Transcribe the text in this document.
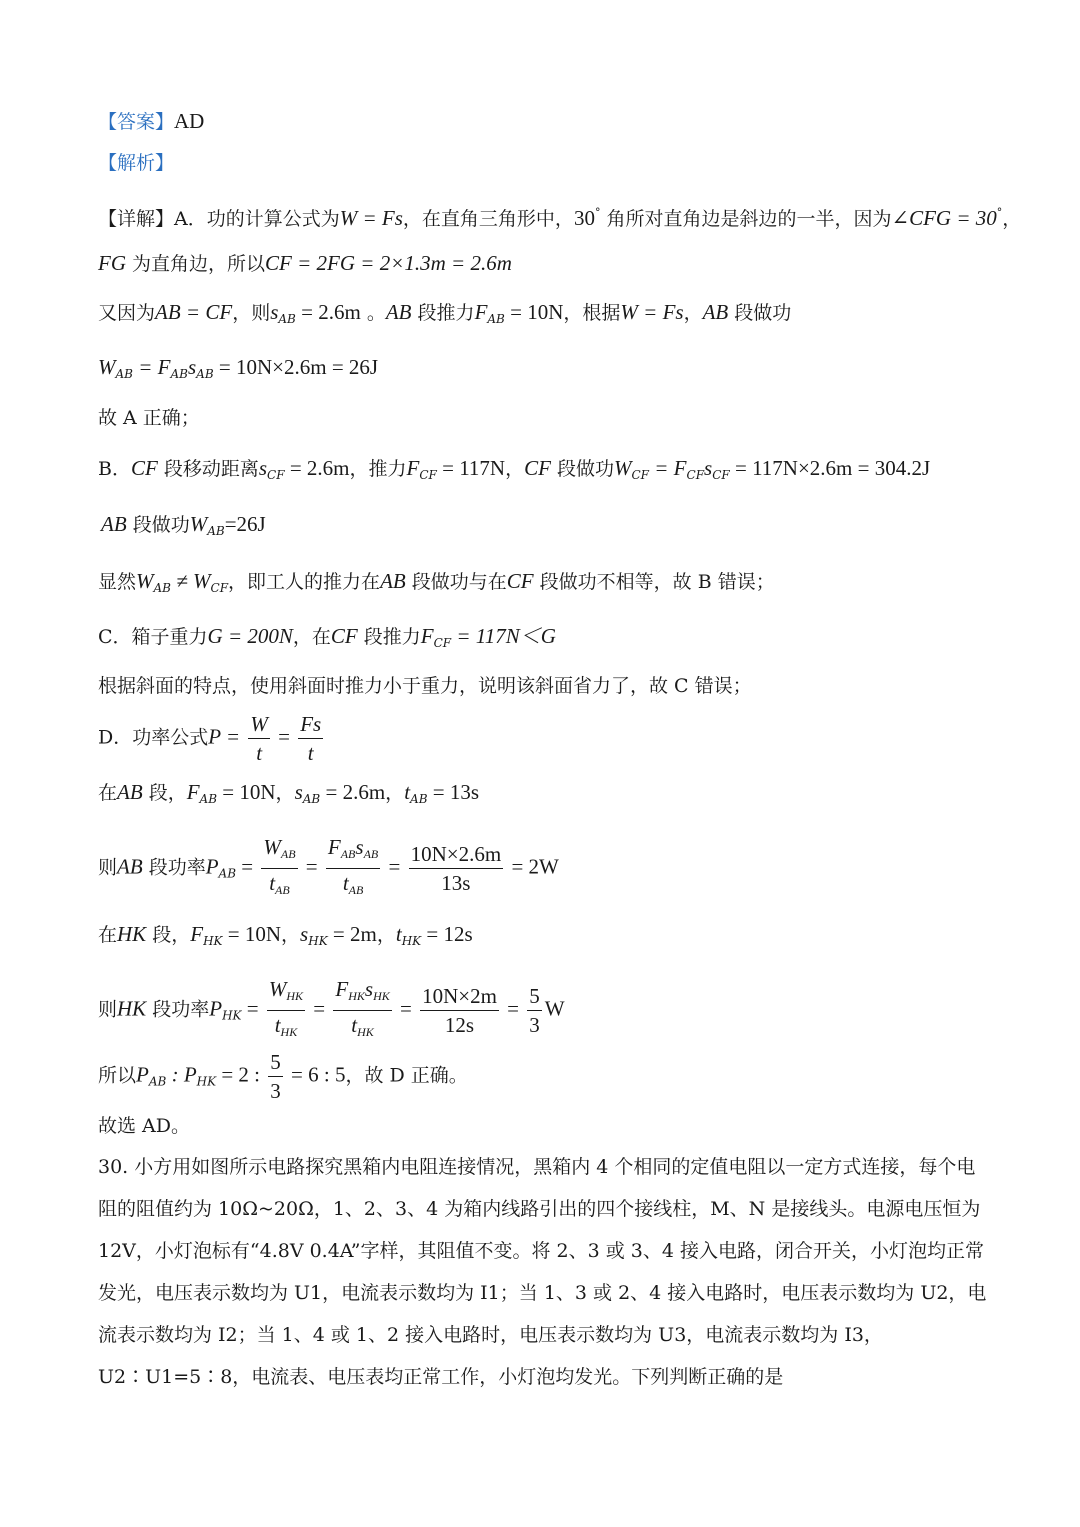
【答案】AD
【解析】
【详解】A．功的计算公式为W = Fs，在直角三角形中，30° 角所对直角边是斜边的一半，因为∠CFG = 30°，
FG 为直角边，所以CF = 2FG = 2×1.3m = 2.6m
又因为AB = CF，则$s_{AB} = 2.6m$ 。AB 段推力$F_{AB} = 10N$，根据W = Fs，AB 段做功
$W_{AB} = F_{AB}s_{AB} = 10N\times 2.6m = 26J$
故 A 正确；
B．CF 段移动距离$s_{CF} = 2.6m$，推力$F_{CF} = 117N$，CF 段做功$W_{CF} = F_{CF}s_{CF} = 117N\times 2.6m = 304.2J$
AB 段做功$W_{AB}=26J$
显然$W_{AB} \ne W_{CF}$，即工人的推力在AB 段做功与在CF 段做功不相等，故 B 错误；
C．箱子重力G = 200N，在CF 段推力$F_{CF} = 117N<G$
根据斜面的特点，使用斜面时推力小于重力，说明该斜面省力了，故 C 错误；
D．功率公式$P = \frac{W}{t} = \frac{Fs}{t}$
在AB 段，$F_{AB} = 10N$，$s_{AB} = 2.6m$，$t_{AB} = 13s$
则AB 段功率$P_{AB} = \frac{W_{AB}}{t_{AB}} = \frac{F_{AB}s_{AB}}{t_{AB}} = \frac{10N\times 2.6m}{13s} = 2W$
在HK 段，$F_{HK} = 10N$，$s_{HK} = 2m$，$t_{HK} = 12s$
则HK 段功率$P_{HK} = \frac{W_{HK}}{t_{HK}} = \frac{F_{HK}s_{HK}}{t_{HK}} = \frac{10N\times 2m}{12s} = \frac{5}{3}$ W
所以$P_{AB}$ : $P_{HK} = 2$ : $\frac{5}{3} = 6$ : 5，故 D 正确。
故选 AD。
30. 小方用如图所示电路探究黑箱内电阻连接情况，黑箱内 4 个相同的定值电阻以一定方式连接，每个电阻的阻值约为 10Ω~20Ω，1、2、3、4 为箱内线路引出的四个接线柱，M、N 是接线头。电源电压恒为 12V，小灯泡标有“4.8V 0.4A”字样，其阻值不变。将 2、3 或 3、4 接入电路，闭合开关，小灯泡均正常发光，电压表示数均为 U1，电流表示数均为 I1；当 1、3 或 2、4 接入电路时，电压表示数均为 U2，电流表示数均为 I2；当 1、4 或 1、2 接入电路时，电压表示数均为 U3，电流表示数均为 I3，U2∶U1=5∶8，电流表、电压表均正常工作，小灯泡均发光。下列判断正确的是
